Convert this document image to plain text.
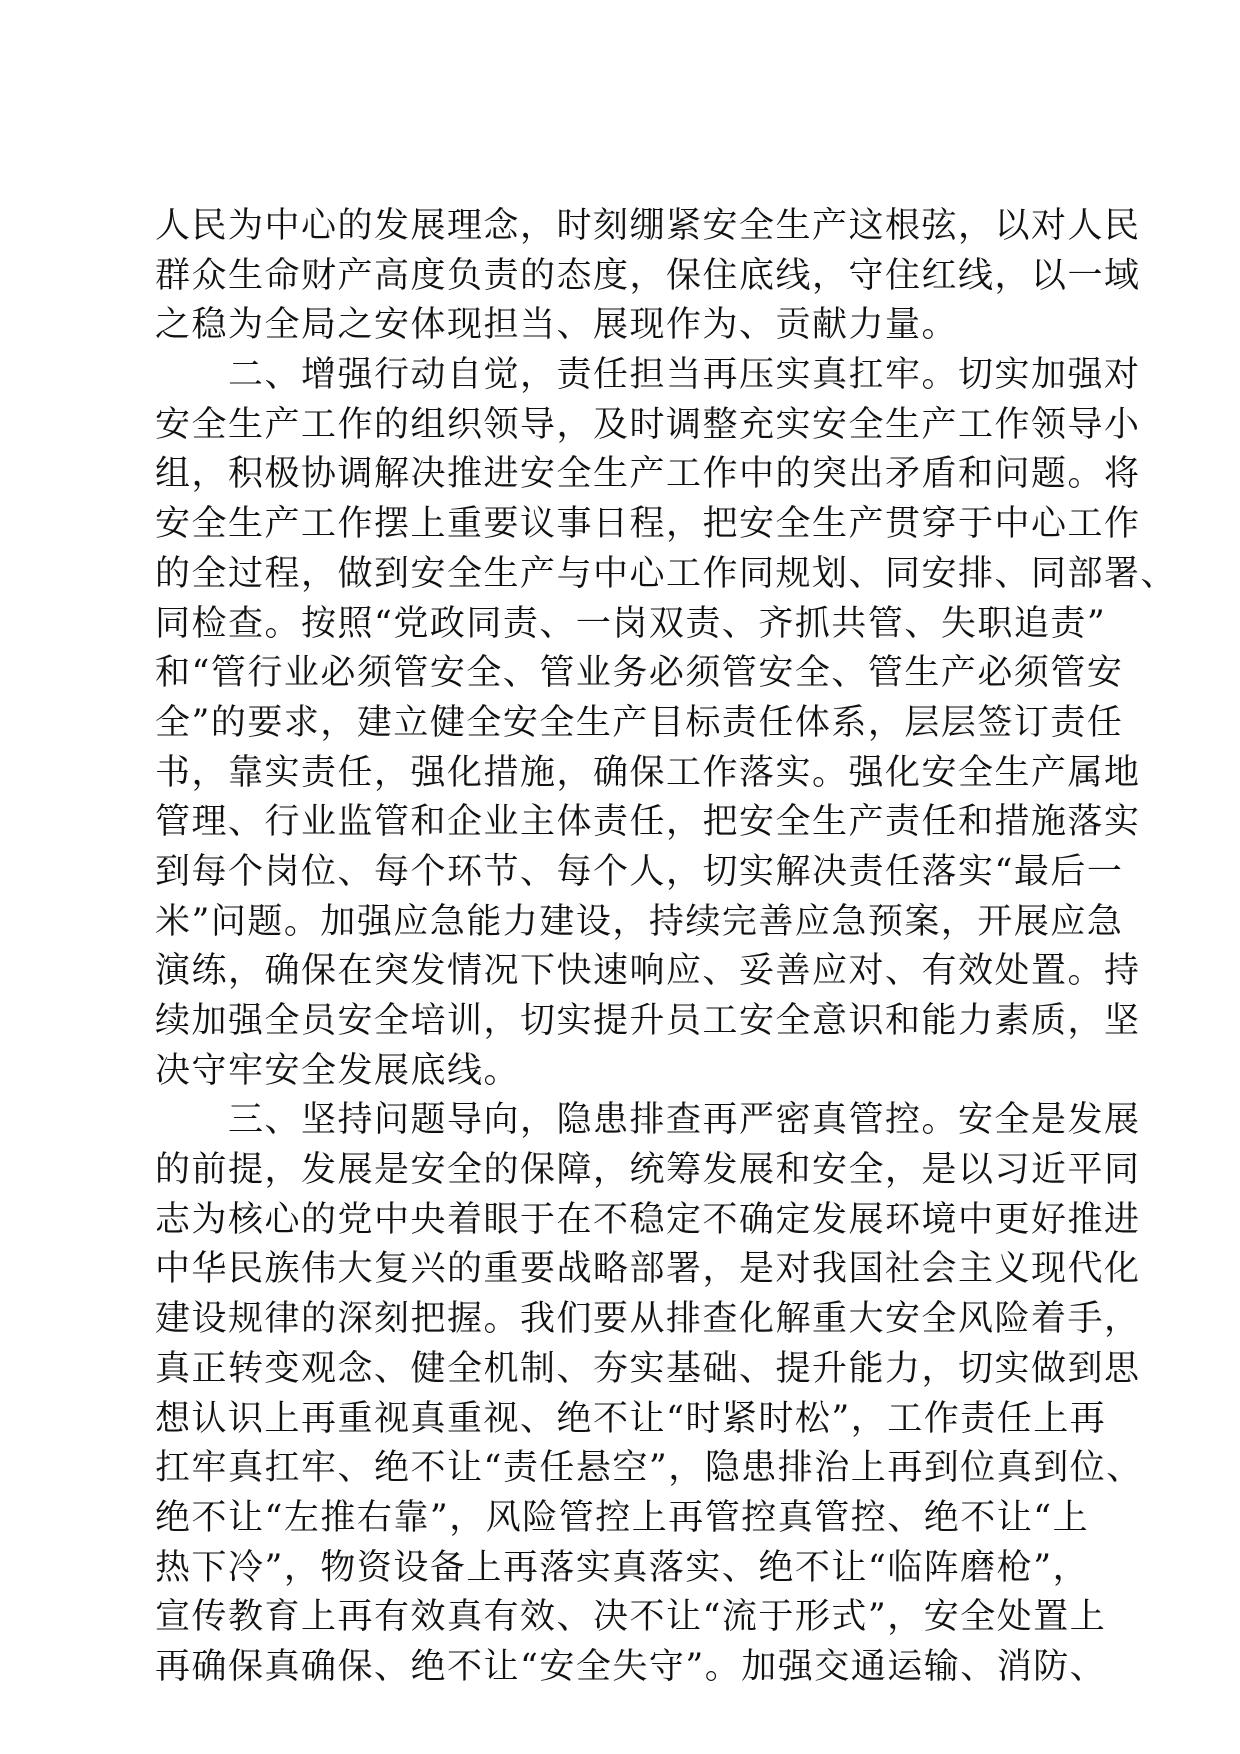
人民为中心的发展理念，时刻绷紧安全生产这根弦，以对人民
群众生命财产高度负责的态度，保住底线，守住红线，以一域
之稳为全局之安体现担当、展现作为、贡献力量。
　　二、增强行动自觉，责任担当再压实真扛牢。切实加强对
安全生产工作的组织领导，及时调整充实安全生产工作领导小
组，积极协调解决推进安全生产工作中的突出矛盾和问题。将
安全生产工作摆上重要议事日程，把安全生产贯穿于中心工作
的全过程，做到安全生产与中心工作同规划、同安排、同部署、
同检查。按照“党政同责、一岗双责、齐抓共管、失职追责”
和“管行业必须管安全、管业务必须管安全、管生产必须管安
全”的要求，建立健全安全生产目标责任体系，层层签订责任
书，靠实责任，强化措施，确保工作落实。强化安全生产属地
管理、行业监管和企业主体责任，把安全生产责任和措施落实
到每个岗位、每个环节、每个人，切实解决责任落实“最后一
米”问题。加强应急能力建设，持续完善应急预案，开展应急
演练，确保在突发情况下快速响应、妥善应对、有效处置。持
续加强全员安全培训，切实提升员工安全意识和能力素质，坚
决守牢安全发展底线。
　　三、坚持问题导向，隐患排查再严密真管控。安全是发展
的前提，发展是安全的保障，统筹发展和安全，是以习近平同
志为核心的党中央着眼于在不稳定不确定发展环境中更好推进
中华民族伟大复兴的重要战略部署，是对我国社会主义现代化
建设规律的深刻把握。我们要从排查化解重大安全风险着手，
真正转变观念、健全机制、夯实基础、提升能力，切实做到思
想认识上再重视真重视、绝不让“时紧时松”，工作责任上再
扛牢真扛牢、绝不让“责任悬空”，隐患排治上再到位真到位、
绝不让“左推右靠”，风险管控上再管控真管控、绝不让“上
热下冷”，物资设备上再落实真落实、绝不让“临阵磨枪”，
宣传教育上再有效真有效、决不让“流于形式”，安全处置上
再确保真确保、绝不让“安全失守”。加强交通运输、消防、
